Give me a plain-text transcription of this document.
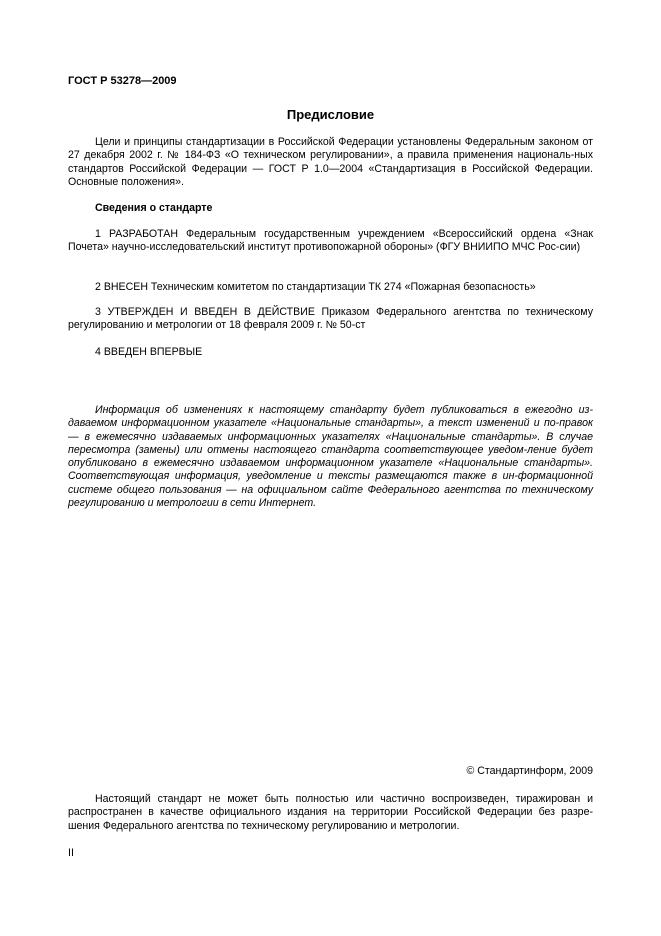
ГОСТ Р 53278—2009
Предисловие
Цели и принципы стандартизации в Российской Федерации установлены Федеральным законом от 27 декабря 2002 г. № 184-ФЗ «О техническом регулировании», а правила применения националь-ных стандартов Российской Федерации — ГОСТ Р 1.0—2004 «Стандартизация в Российской Федерации. Основные положения».
Сведения о стандарте
1 РАЗРАБОТАН Федеральным государственным учреждением «Всероссийский ордена «Знак Почета» научно-исследовательский институт противопожарной обороны» (ФГУ ВНИИПО МЧС Рос-сии)
2 ВНЕСЕН Техническим комитетом по стандартизации ТК 274 «Пожарная безопасность»
3 УТВЕРЖДЕН И ВВЕДЕН В ДЕЙСТВИЕ Приказом Федерального агентства по техническому регулированию и метрологии от 18 февраля 2009 г. № 50-ст
4 ВВЕДЕН ВПЕРВЫЕ
Информация об изменениях к настоящему стандарту будет публиковаться в ежегодно из-даваемом информационном указателе «Национальные стандарты», а текст изменений и по-правок — в ежемесячно издаваемых информационных указателях «Национальные стандарты». В случае пересмотра (замены) или отмены настоящего стандарта соответствующее уведом-ление будет опубликовано в ежемесячно издаваемом информационном указателе «Национальные стандарты». Соответствующая информация, уведомление и тексты размещаются также в ин-формационной системе общего пользования — на официальном сайте Федерального агентства по техническому регулированию и метрологии в сети Интернет.
© Стандартинформ, 2009
Настоящий стандарт не может быть полностью или частично воспроизведен, тиражирован и распространен в качестве официального издания на территории Российской Федерации без разре-шения Федерального агентства по техническому регулированию и метрологии.
II
